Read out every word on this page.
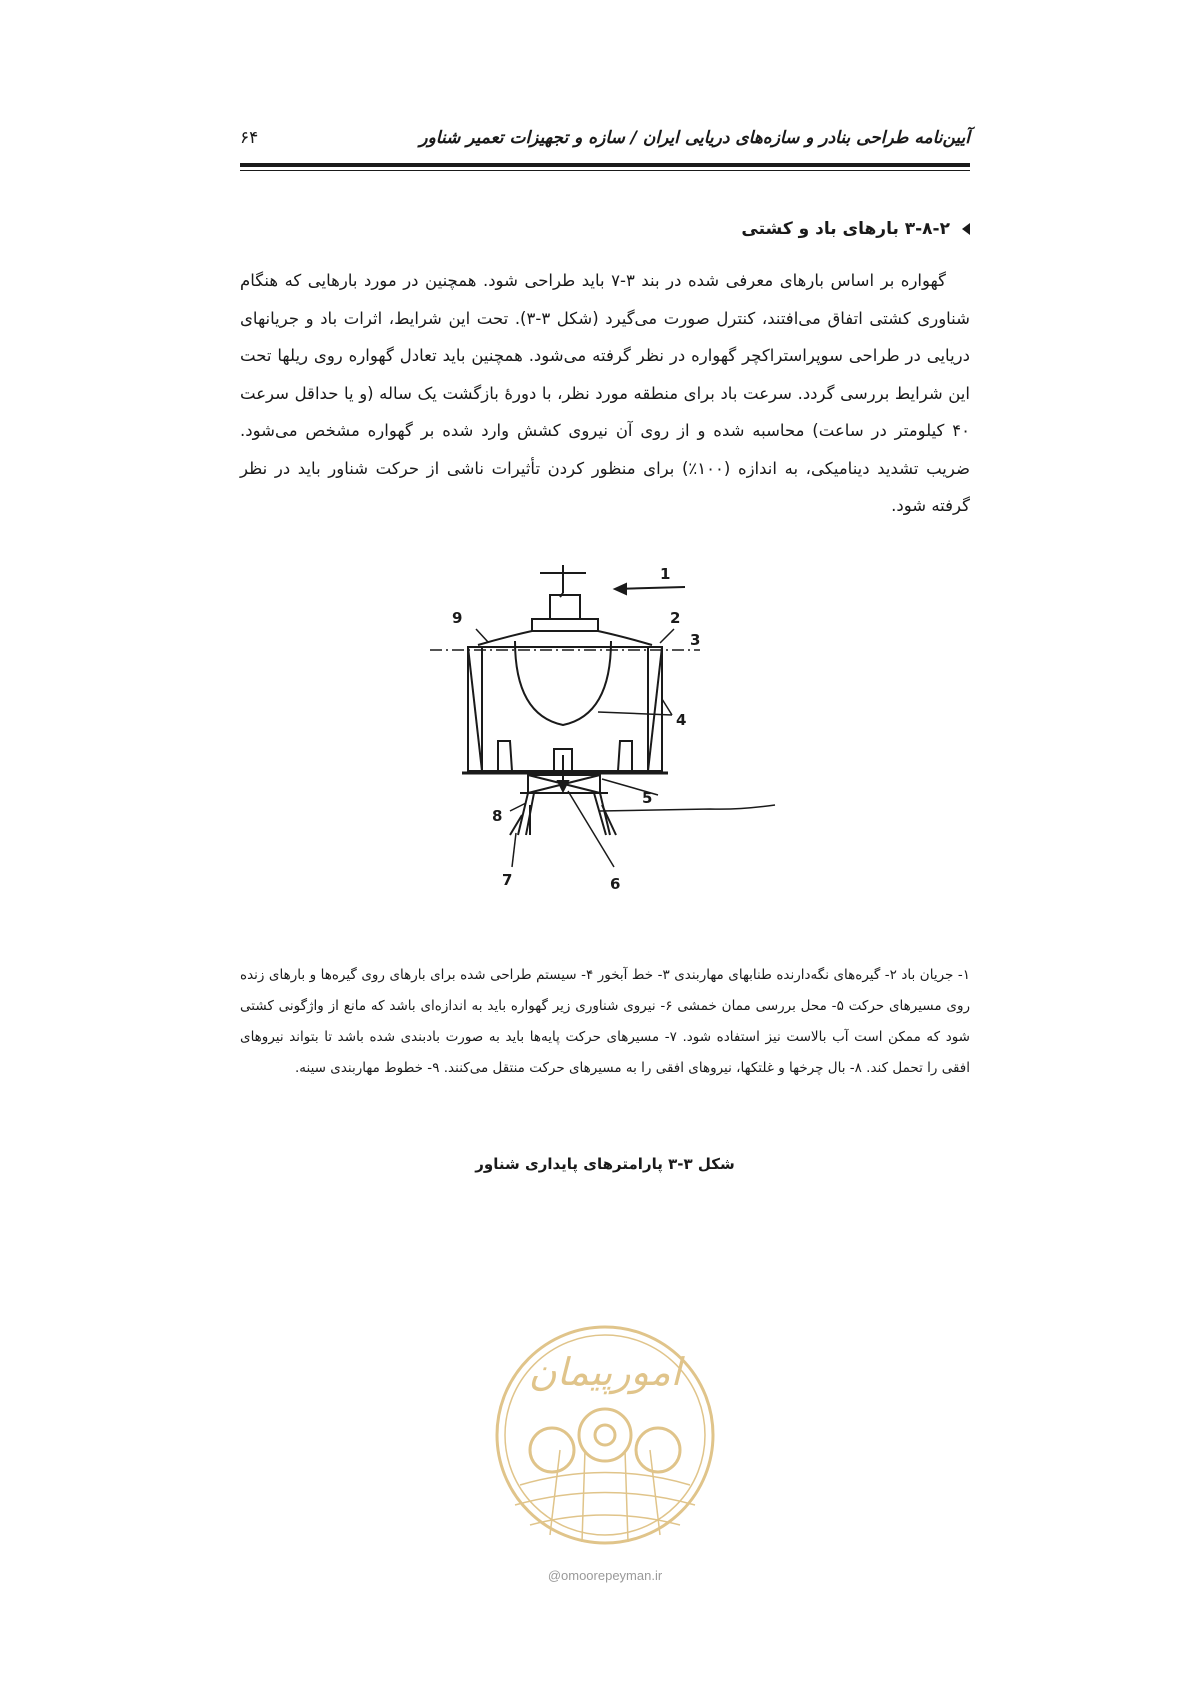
آیین‌نامه طراحی بنادر و سازه‌های دریایی ایران / سازه و تجهیزات تعمیر شناور
۶۴
۳-۸-۲ بارهای باد و کشتی

گهواره بر اساس بارهای معرفی شده در بند ۳-۷ باید طراحی شود. همچنین در مورد بارهایی که هنگام شناوری کشتی اتفاق می‌افتند، کنترل صورت می‌گیرد (شکل ۳-۳). تحت این شرایط، اثرات باد و جریانهای دریایی در طراحی سوپراستراکچر گهواره در نظر گرفته می‌شود. همچنین باید تعادل گهواره روی ریلها تحت این شرایط بررسی گردد. سرعت باد برای منطقه مورد نظر، با دورهٔ بازگشت یک ساله (و یا حداقل سرعت ۴۰ کیلومتر در ساعت) محاسبه شده و از روی آن نیروی کشش وارد شده بر گهواره مشخص می‌شود. ضریب تشدید دینامیکی، به اندازه (۱۰۰٪) برای منظور کردن تأثیرات ناشی از حرکت شناور باید در نظر گرفته شود.

1
2
3
4
5
6
7
8
9

۱- جریان باد ۲- گیره‌های نگه‌دارنده طنابهای مهاربندی ۳- خط آبخور ۴- سیستم طراحی شده برای بارهای روی گیره‌ها و بارهای زنده روی مسیرهای حرکت ۵- محل بررسی ممان خمشی ۶- نیروی شناوری زیر گهواره باید به اندازه‌ای باشد که مانع از واژگونی کشتی شود که ممکن است آب بالاست نیز استفاده شود. ۷- مسیرهای حرکت پایه‌ها باید به صورت بادبندی شده باشد تا بتواند نیروهای افقی را تحمل کند. ۸- بال چرخها و غلتکها، نیروهای افقی را به مسیرهای حرکت منتقل می‌کنند. ۹- خطوط مهاربندی سینه.

شکل ۳-۳ پارامترهای پایداری شناور
امورپیمان
@omoorepeyman.ir
